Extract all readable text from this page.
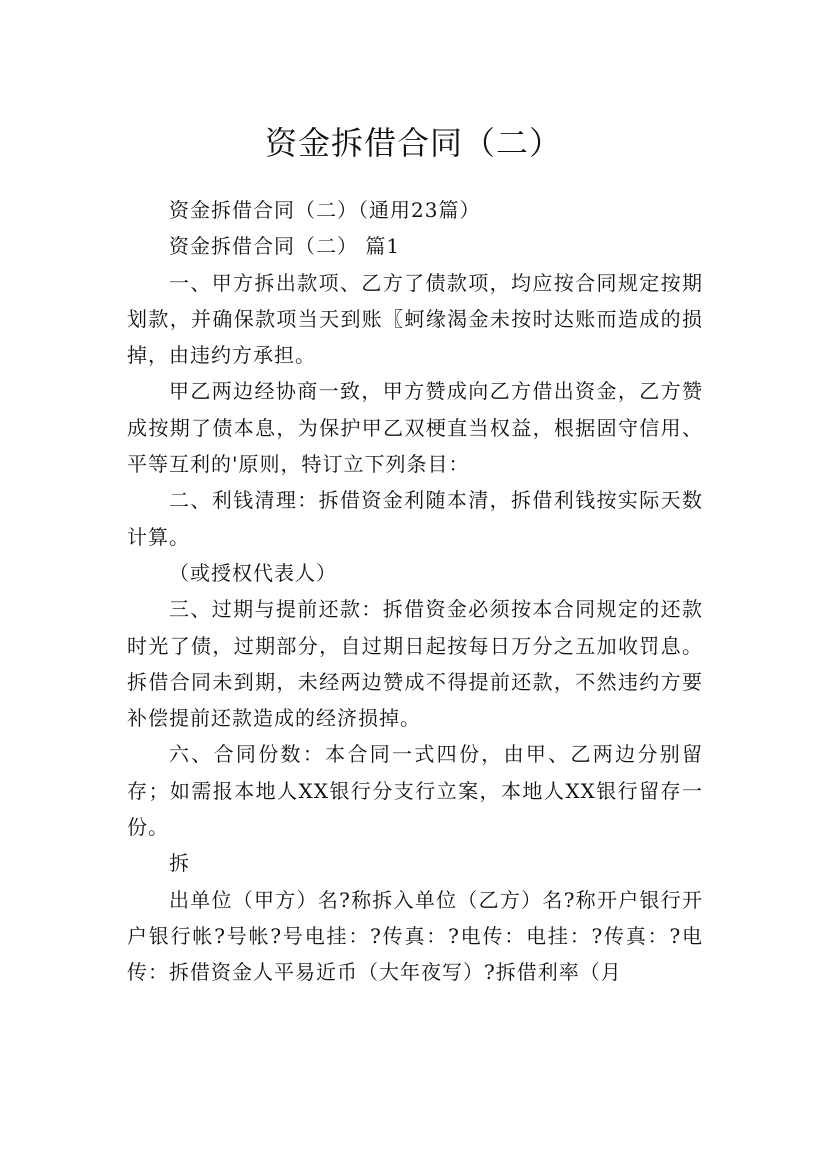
资金拆借合同（二）

资金拆借合同（二）（通用23篇）

资金拆借合同（二） 篇1

一、甲方拆出款项、乙方了债款项，均应按合同规定按期划款，并确保款项当天到账〖蚵缘渴金未按时达账而造成的损掉，由违约方承担。

甲乙两边经协商一致，甲方赞成向乙方借出资金，乙方赞成按期了债本息，为保护甲乙双梗直当权益，根据固守信用、平等互利的'原则，特订立下列条目：

二、利钱清理：拆借资金利随本清，拆借利钱按实际天数计算。

（或授权代表人）

三、过期与提前还款：拆借资金必须按本合同规定的还款时光了债，过期部分，自过期日起按每日万分之五加收罚息。拆借合同未到期，未经两边赞成不得提前还款，不然违约方要补偿提前还款造成的经济损掉。

六、合同份数：本合同一式四份，由甲、乙两边分别留存；如需报本地人XX银行分支行立案，本地人XX银行留存一份。

拆

出单位（甲方）名?称拆入单位（乙方）名?称开户银行开户银行帐?号帐?号电挂：?传真：?电传：电挂：?传真：?电传：拆借资金人平易近币（大年夜写）?拆借利率（月
